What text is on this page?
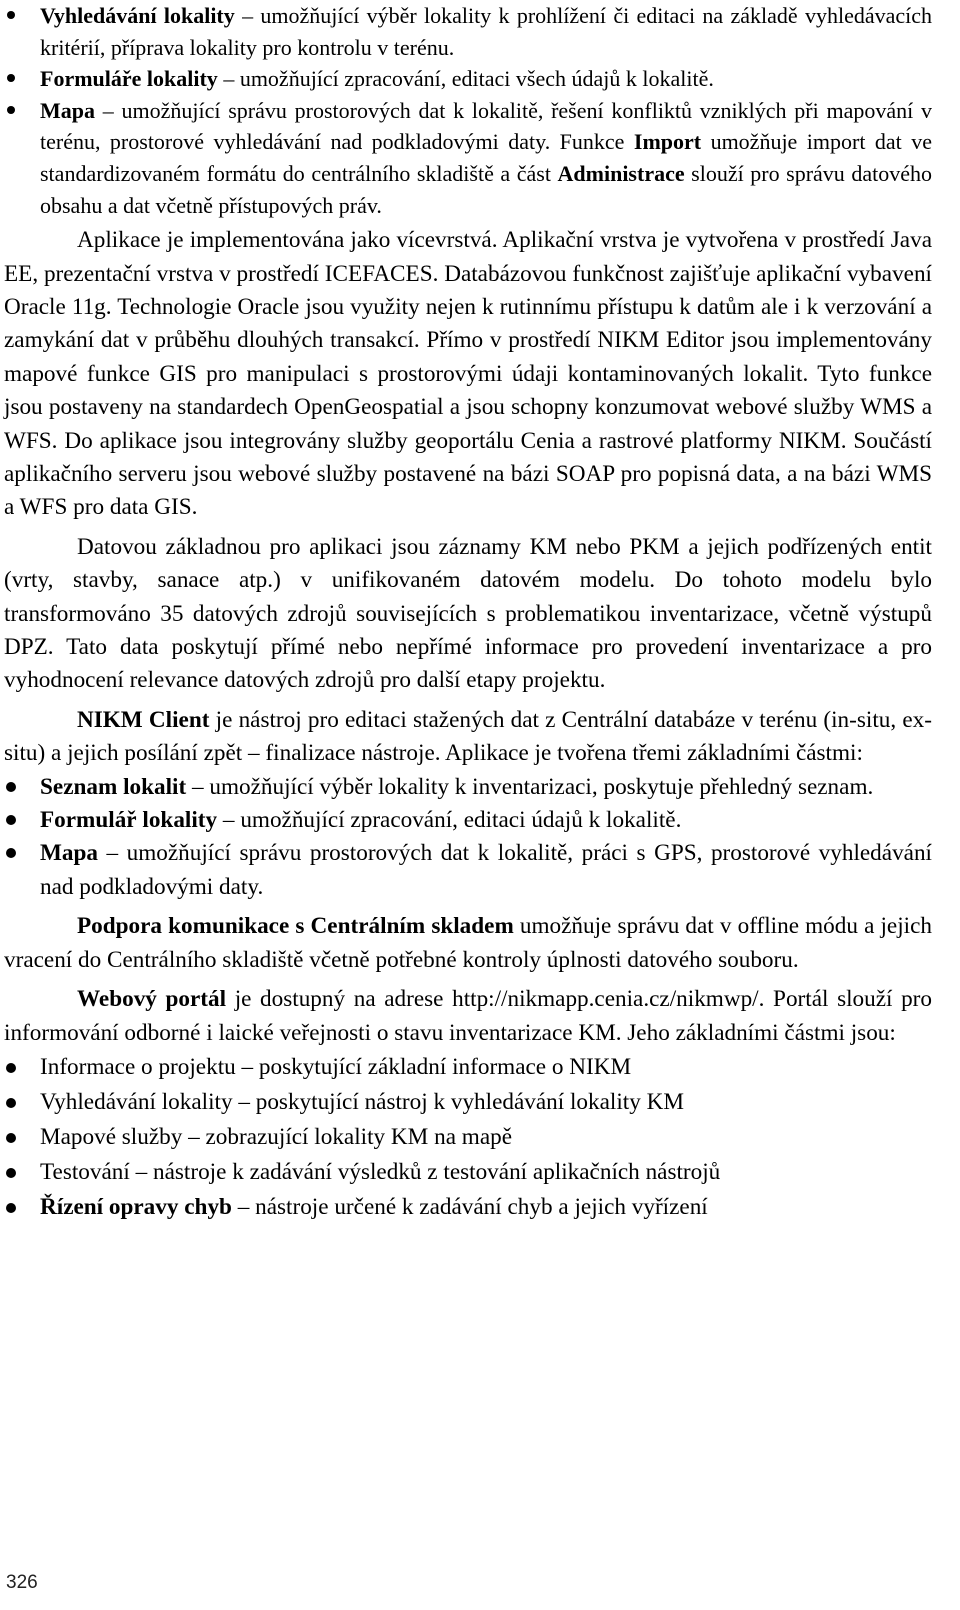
Vyhledávání lokality – umožňující výběr lokality k prohlížení či editaci na základě vyhledávacích kritérií, příprava lokality pro kontrolu v terénu.
Formuláře lokality – umožňující zpracování, editaci všech údajů k lokalitě.
Mapa – umožňující správu prostorových dat k lokalitě, řešení konfliktů vzniklých při mapování v terénu, prostorové vyhledávání nad podkladovými daty. Funkce Import umožňuje import dat ve standardizovaném formátu do centrálního skladiště a část Administrace slouží pro správu datového obsahu a dat včetně přístupových práv.

Aplikace je implementována jako vícevrstvá. Aplikační vrstva je vytvořena v prostředí Java EE, prezentační vrstva v prostředí ICEFACES. Databázovou funkčnost zajišťuje aplikační vybavení Oracle 11g. Technologie Oracle jsou využity nejen k rutinnímu přístupu k datům ale i k verzování a zamykání dat v průběhu dlouhých transakcí. Přímo v prostředí NIKM Editor jsou implementovány mapové funkce GIS pro manipulaci s prostorovými údaji kontaminovaných lokalit. Tyto funkce jsou postaveny na standardech OpenGeospatial a jsou schopny konzumovat webové služby WMS a WFS. Do aplikace jsou integrovány služby geoportálu Cenia a rastrové platformy NIKM. Součástí aplikačního serveru jsou webové služby postavené na bázi SOAP pro popisná data, a na bázi WMS a WFS pro data GIS.

Datovou základnou pro aplikaci jsou záznamy KM nebo PKM a jejich podřízených entit (vrty, stavby, sanace atp.) v unifikovaném datovém modelu. Do tohoto modelu bylo transformováno 35 datových zdrojů souvisejících s problematikou inventarizace, včetně výstupů DPZ. Tato data poskytují přímé nebo nepřímé informace pro provedení inventarizace a pro vyhodnocení relevance datových zdrojů pro další etapy projektu.

NIKM Client je nástroj pro editaci stažených dat z Centrální databáze v terénu (in-situ, ex-situ) a jejich posílání zpět – finalizace nástroje. Aplikace je tvořena třemi základními částmi:

Seznam lokalit – umožňující výběr lokality k inventarizaci, poskytuje přehledný seznam.
Formulář lokality – umožňující zpracování, editaci údajů k lokalitě.
Mapa – umožňující správu prostorových dat k lokalitě, práci s GPS, prostorové vyhledávání nad podkladovými daty.

Podpora komunikace s Centrálním skladem umožňuje správu dat v offline módu a jejich vracení do Centrálního skladiště včetně potřebné kontroly úplnosti datového souboru.

Webový portál je dostupný na adrese http://nikmapp.cenia.cz/nikmwp/. Portál slouží pro informování odborné i laické veřejnosti o stavu inventarizace KM. Jeho základními částmi jsou:

Informace o projektu – poskytující základní informace o NIKM
Vyhledávání lokality – poskytující nástroj k vyhledávání lokality KM
Mapové služby – zobrazující lokality KM na mapě
Testování – nástroje k zadávání výsledků z testování aplikačních nástrojů
Řízení opravy chyb – nástroje určené k zadávání chyb a jejich vyřízení
326
